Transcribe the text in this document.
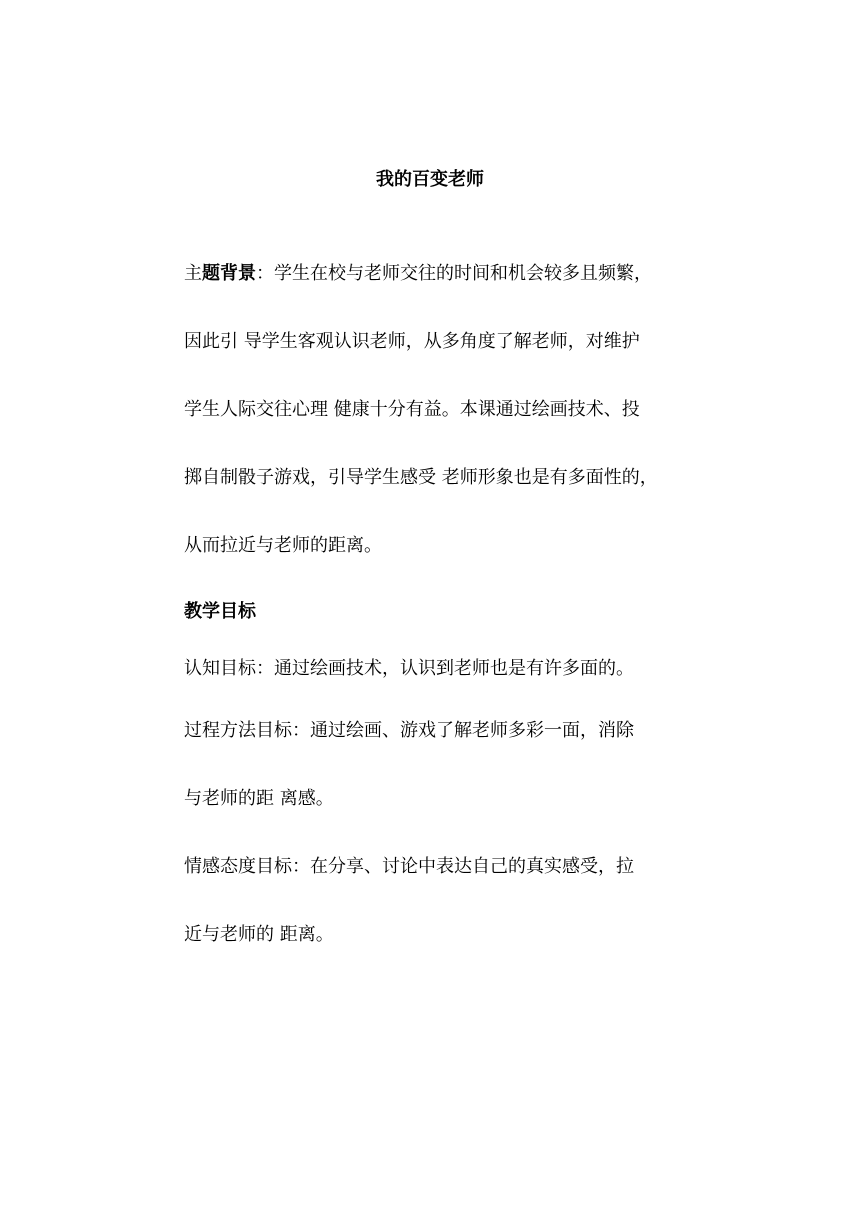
我的百变老师
主题背景：学生在校与老师交往的时间和机会较多且频繁，
因此引 导学生客观认识老师，从多角度了解老师，对维护
学生人际交往心理 健康十分有益。本课通过绘画技术、投
掷自制骰子游戏，引导学生感受 老师形象也是有多面性的，
从而拉近与老师的距离。
教学目标
认知目标：通过绘画技术，认识到老师也是有许多面的。
过程方法目标：通过绘画、游戏了解老师多彩一面，消除
与老师的距 离感。
情感态度目标：在分享、讨论中表达自己的真实感受，拉
近与老师的 距离。
